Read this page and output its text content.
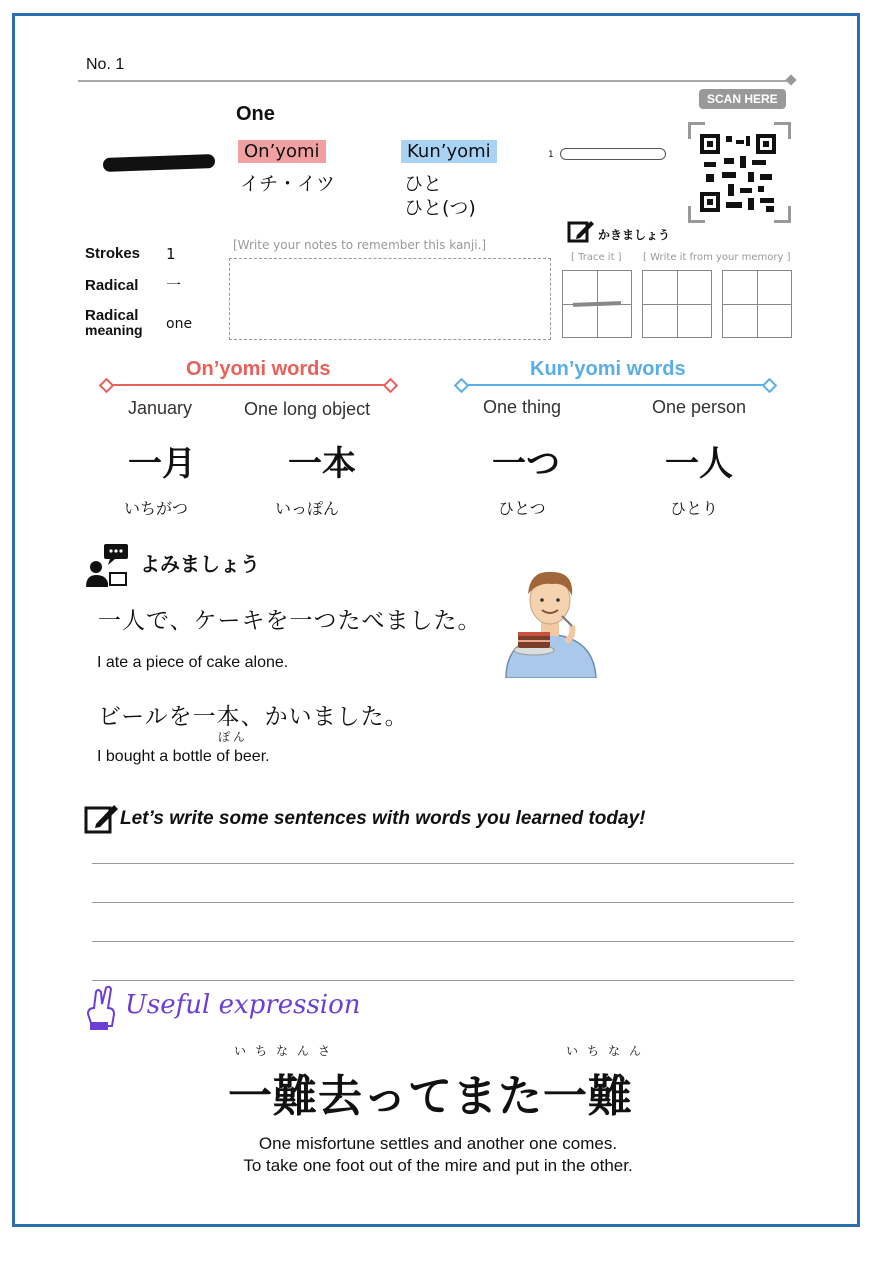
No. 1
One
On’yomi
イチ・イツ
Kun’yomi
ひと
ひと(つ)
1
SCAN HERE
Strokes 1
Radical 一
Radical
meaning one
[Write your notes to remember this kanji.]
かきましょう
[ Trace it ] [ Write it from your memory ]
On’yomi words
January	One long object
一月	一本
いちがつ	いっぽん
Kun’yomi words
One thing	One person
一つ	一人
ひとつ	ひとり
よみましょう
一人で、ケーキを一つたべました。
I ate a piece of cake alone.
ビールを一本、かいました。
ぽん
I bought a bottle of beer.
Let’s write some sentences with words you learned today!
Useful expression
いちなんさ	いちなん
一難去ってまた一難
One misfortune settles and another one comes.
To take one foot out of the mire and put in the other.
